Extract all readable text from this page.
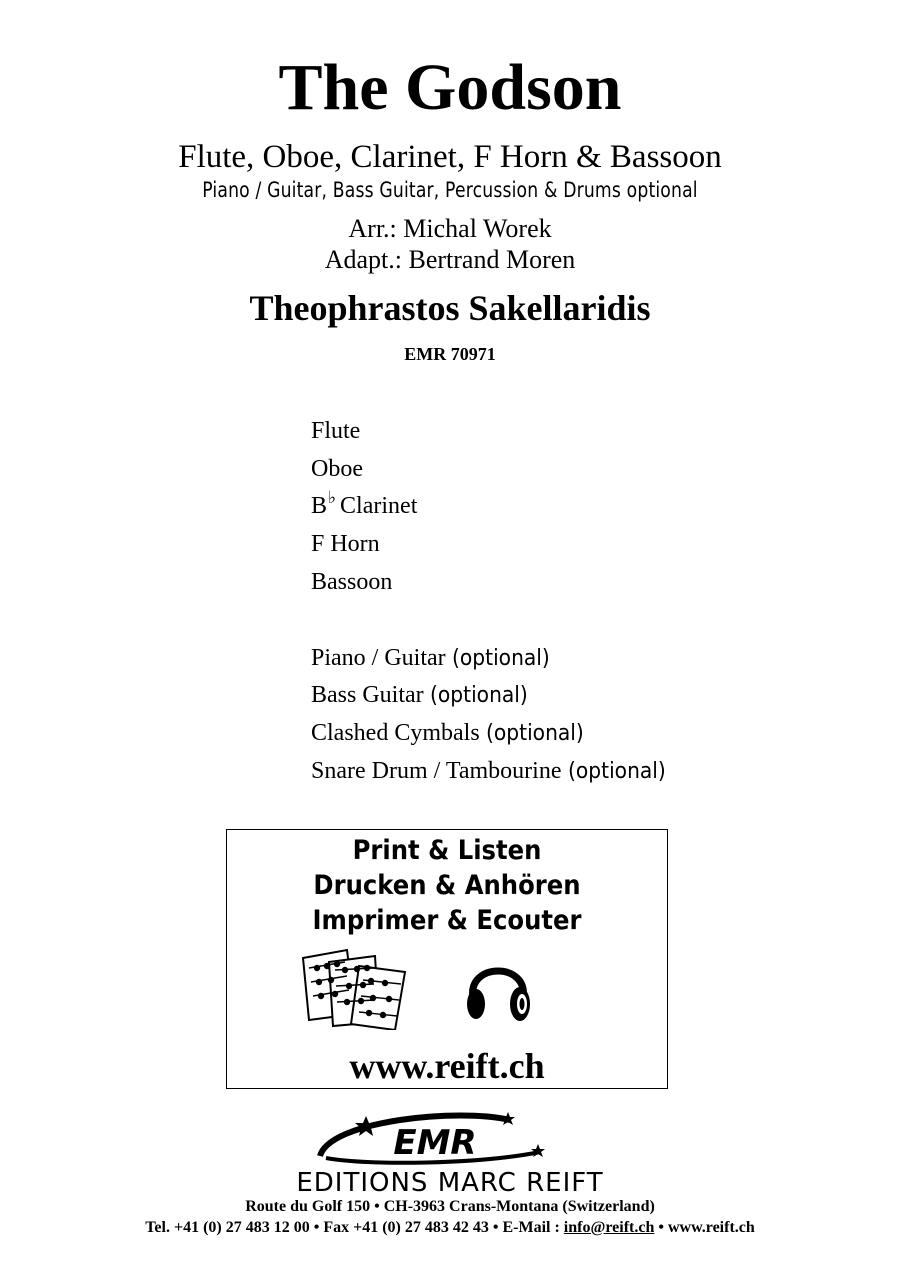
The Godson
Flute, Oboe, Clarinet, F Horn & Bassoon
Piano / Guitar, Bass Guitar, Percussion & Drums optional
Arr.: Michal Worek
Adapt.: Bertrand Moren
Theophrastos Sakellaridis
EMR 70971
Flute
Oboe
B♭ Clarinet
F Horn
Bassoon
Piano / Guitar (optional)
Bass Guitar (optional)
Clashed Cymbals (optional)
Snare Drum / Tambourine (optional)
Print & Listen
Drucken & Anhören
Imprimer & Ecouter
www.reift.ch
EMR
EDITIONS MARC REIFT
Route du Golf 150 • CH-3963 Crans-Montana (Switzerland)
Tel. +41 (0) 27 483 12 00 • Fax +41 (0) 27 483 42 43 • E-Mail : info@reift.ch • www.reift.ch
